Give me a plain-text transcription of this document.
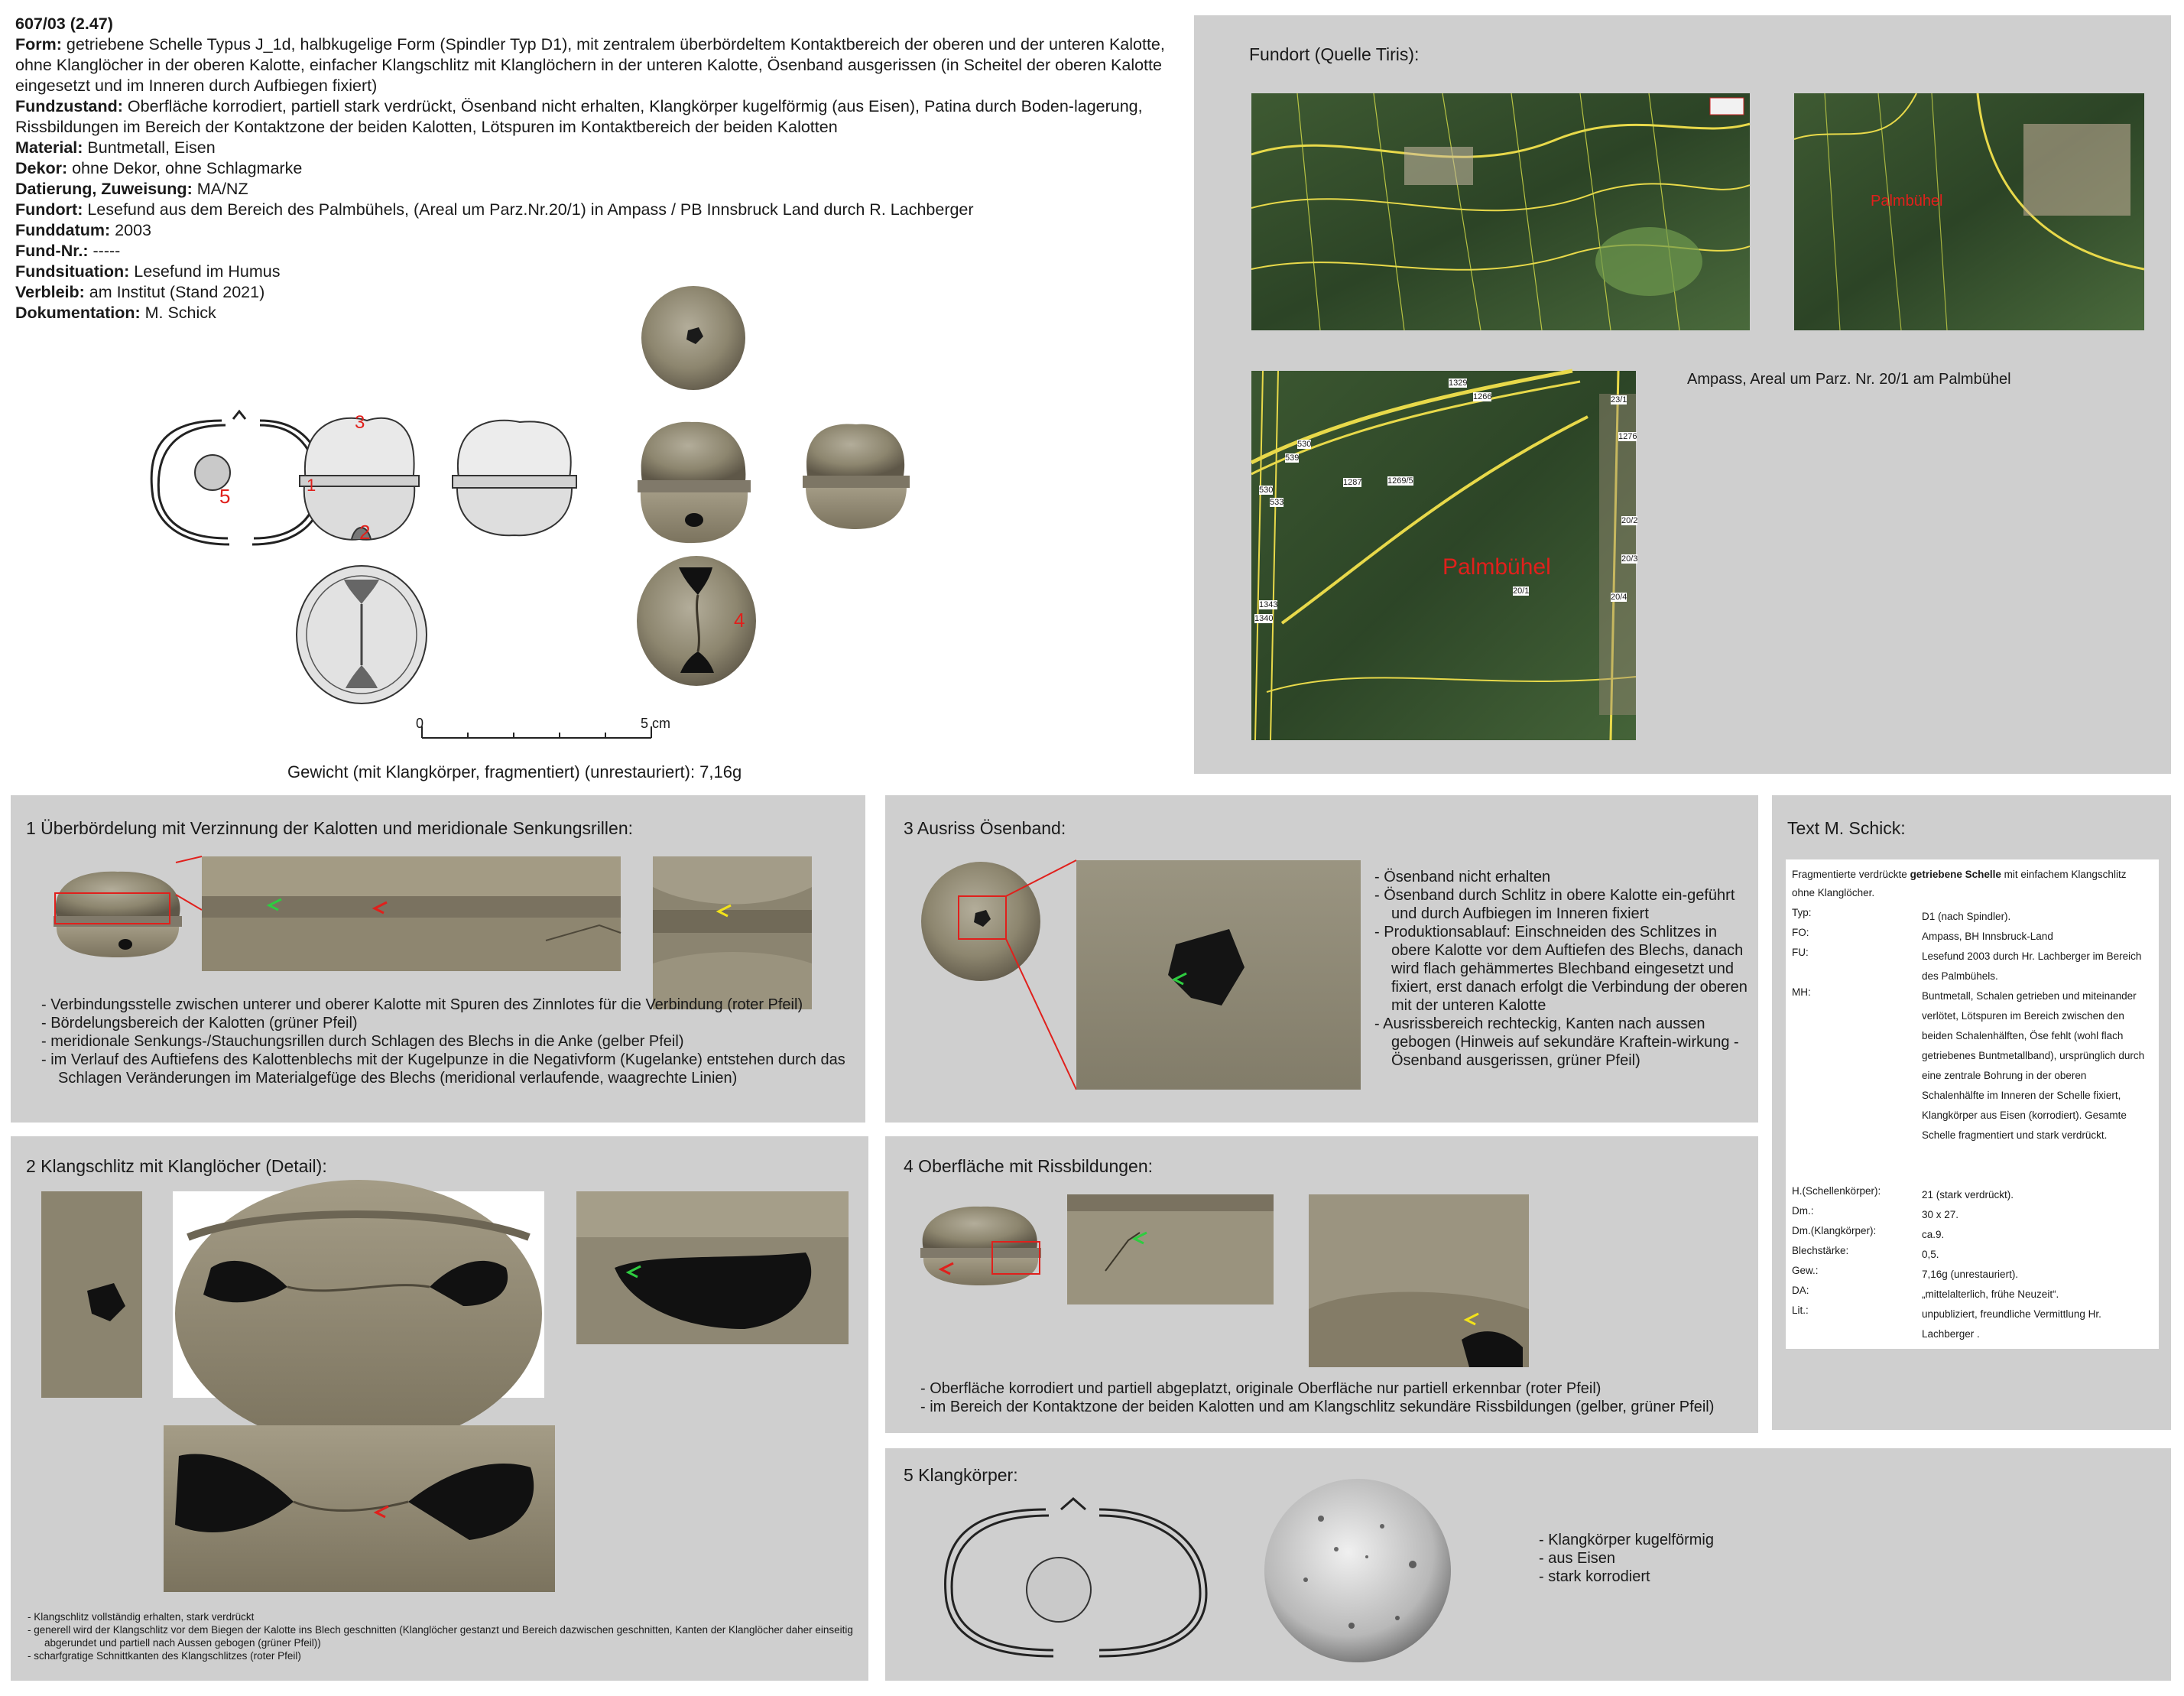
607/03 (2.47)
Form: getriebene Schelle Typus J_1d, halbkugelige Form (Spindler Typ D1), mit zentralem überbördeltem Kontaktbereich der oberen und der unteren Kalotte, ohne Klanglöcher in der oberen Kalotte, einfacher Klangschlitz mit Klanglöchern in der unteren Kalotte, Ösenband ausgerissen (in Scheitel der oberen Kalotte eingesetzt und im Inneren durch Aufbiegen fixiert)
Fundzustand: Oberfläche korrodiert, partiell stark verdrückt, Ösenband nicht erhalten, Klangkörper kugelförmig (aus Eisen), Patina durch Boden-lagerung, Rissbildungen im Bereich der Kontaktzone der beiden Kalotten, Lötspuren im Kontaktbereich der beiden Kalotten
Material: Buntmetall, Eisen
Dekor: ohne Dekor, ohne Schlagmarke
Datierung, Zuweisung: MA/NZ
Fundort: Lesefund aus dem Bereich des Palmbühels, (Areal um Parz.Nr.20/1) in Ampass / PB Innsbruck Land durch R. Lachberger
Funddatum: 2003
Fund-Nr.: -----
Fundsituation: Lesefund im Humus
Verbleib: am Institut (Stand 2021)
Dokumentation: M. Schick
5
3
1
2
4
0	5 cm
Gewicht (mit Klangkörper, fragmentiert) (unrestauriert): 7,16g
Fundort (Quelle Tiris):
Palmbühel
1329
1266	23/1
530
539
1287	1269/5
1276
530
533
20/1
20/2
20/3
20/4
1343
1340
Palmbühel
Ampass, Areal um Parz. Nr. 20/1 am Palmbühel
1 Überbördelung mit Verzinnung der Kalotten und meridionale Senkungsrillen:
- Verbindungsstelle zwischen unterer und oberer Kalotte mit Spuren des Zinnlotes für die Verbindung (roter Pfeil)
- Bördelungsbereich der Kalotten (grüner Pfeil)
- meridionale Senkungs-/Stauchungsrillen durch Schlagen des Blechs in die Anke (gelber Pfeil)
- im Verlauf des Auftiefens des Kalottenblechs mit der Kugelpunze in die Negativform (Kugelanke) entstehen durch das Schlagen Veränderungen im Materialgefüge des Blechs (meridional verlaufende, waagrechte Linien)
3 Ausriss Ösenband:
- Ösenband nicht erhalten
- Ösenband durch Schlitz in obere Kalotte ein-geführt und durch Aufbiegen im Inneren fixiert
- Produktionsablauf: Einschneiden des Schlitzes in obere Kalotte vor dem Auftiefen des Blechs, danach wird flach gehämmertes Blechband eingesetzt und fixiert, erst danach erfolgt die Verbindung der oberen mit der unteren Kalotte
- Ausrissbereich rechteckig, Kanten nach aussen gebogen (Hinweis auf sekundäre Kraftein-wirkung - Ösenband ausgerissen, grüner Pfeil)
Text M. Schick:
Fragmentierte verdrückte getriebene Schelle mit einfachem Klangschlitz ohne Klanglöcher.
Typ:	D1 (nach Spindler).
FO:	Ampass, BH Innsbruck-Land
FU:	Lesefund 2003 durch Hr. Lachberger im Bereich des Palmbühels.
MH:	Buntmetall, Schalen getrieben und miteinander verlötet, Lötspuren im Bereich zwischen den beiden Schalenhälften, Öse fehlt (wohl flach getriebenes Buntmetallband), ursprünglich durch eine zentrale Bohrung in der oberen Schalenhälfte im Inneren der Schelle fixiert, Klangkörper aus Eisen (korrodiert). Gesamte Schelle fragmentiert und stark verdrückt.
H.(Schellenkörper):	21 (stark verdrückt).
Dm.:	30 x 27.
Dm.(Klangkörper):	ca.9.
Blechstärke:	0,5.
Gew.:	7,16g (unrestauriert).
DA:	„mittelalterlich, frühe Neuzeit“.
Lit.:	unpubliziert, freundliche Vermittlung Hr. Lachberger .
2 Klangschlitz mit Klanglöcher (Detail):
- Klangschlitz vollständig erhalten, stark verdrückt
- generell wird der Klangschlitz vor dem Biegen der Kalotte ins Blech geschnitten (Klanglöcher gestanzt und Bereich dazwischen geschnitten, Kanten der Klanglöcher daher einseitig abgerundet und partiell nach Aussen gebogen (grüner Pfeil))
- scharfgratige Schnittkanten des Klangschlitzes (roter Pfeil)
4 Oberfläche mit Rissbildungen:
- Oberfläche korrodiert und partiell abgeplatzt, originale Oberfläche nur partiell erkennbar (roter Pfeil)
- im Bereich der Kontaktzone der beiden Kalotten und am Klangschlitz sekundäre Rissbildungen (gelber, grüner Pfeil)
5 Klangkörper:
- Klangkörper kugelförmig
- aus Eisen
- stark korrodiert
